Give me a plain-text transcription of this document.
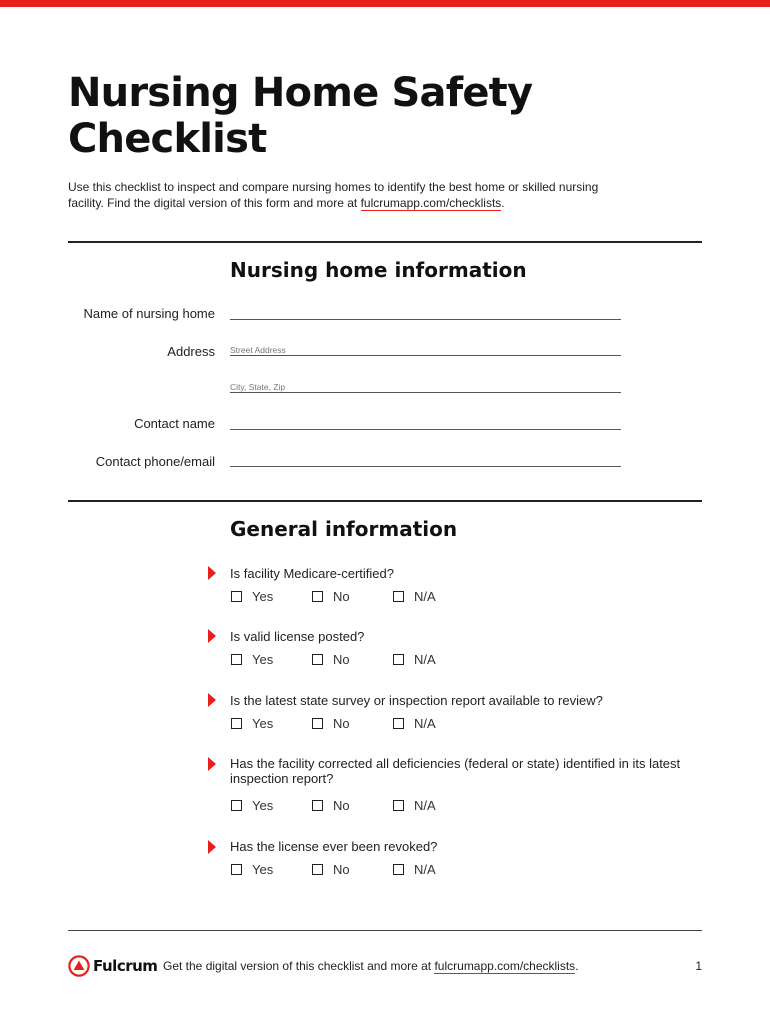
Nursing Home Safety
Checklist

Use this checklist to inspect and compare nursing homes to identify the best home or skilled nursing facility. Find the digital version of this form and more at fulcrumapp.com/checklists.

Nursing home information
Name of nursing home
Address Street Address
City, State, Zip
Contact name
Contact phone/email
General information
Is facility Medicare-certified?
Yes	No	N/A
Is valid license posted?
Yes	No	N/A
Is the latest state survey or inspection report available to review?
Yes	No	N/A
Has the facility corrected all deficiencies (federal or state) identified in its latest inspection report?
Yes	No	N/A
Has the license ever been revoked?
Yes	No	N/A
Fulcrum Get the digital version of this checklist and more at fulcrumapp.com/checklists.	1
